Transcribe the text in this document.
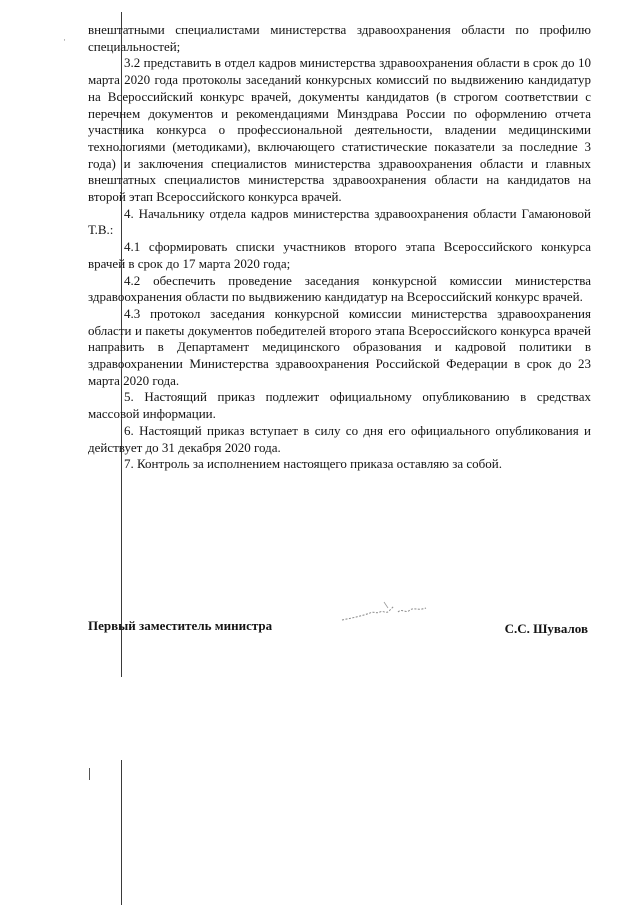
·

внештатными специалистами министерства здравоохранения области по профилю специальностей;

3.2 представить в отдел кадров министерства здравоохранения области в срок до 10 марта 2020 года протоколы заседаний конкурсных комиссий по выдвижению кандидатур на Всероссийский конкурс врачей, документы кандидатов (в строгом соответствии с перечнем документов и рекомендациями Минздрава России по оформлению отчета участника конкурса о профессиональной деятельности, владении медицинскими технологиями (методиками), включающего статистические показатели за последние 3 года) и заключения специалистов министерства здравоохранения области и главных внештатных специалистов министерства здравоохранения области на кандидатов на второй этап Всероссийского конкурса врачей.

4. Начальнику отдела кадров министерства здравоохранения области Гамаюновой Т.В.:

4.1 сформировать списки участников второго этапа Всероссийского конкурса врачей в срок до 17 марта 2020 года;

4.2 обеспечить проведение заседания конкурсной комиссии министерства здравоохранения области по выдвижению кандидатур на Всероссийский конкурс врачей.

4.3 протокол заседания конкурсной комиссии министерства здравоохранения области и пакеты документов победителей второго этапа Всероссийского конкурса врачей направить в Департамент медицинского образования и кадровой политики в здравоохранении Министерства здравоохранения Российской Федерации в срок до 23 марта 2020 года.

5. Настоящий приказ подлежит официальному опубликованию в средствах массовой информации.

6. Настоящий приказ вступает в силу со дня его официального опубликования и действует до 31 декабря 2020 года.

7. Контроль за исполнением настоящего приказа оставляю за собой.

Первый заместитель министра	С.С. Шувалов
